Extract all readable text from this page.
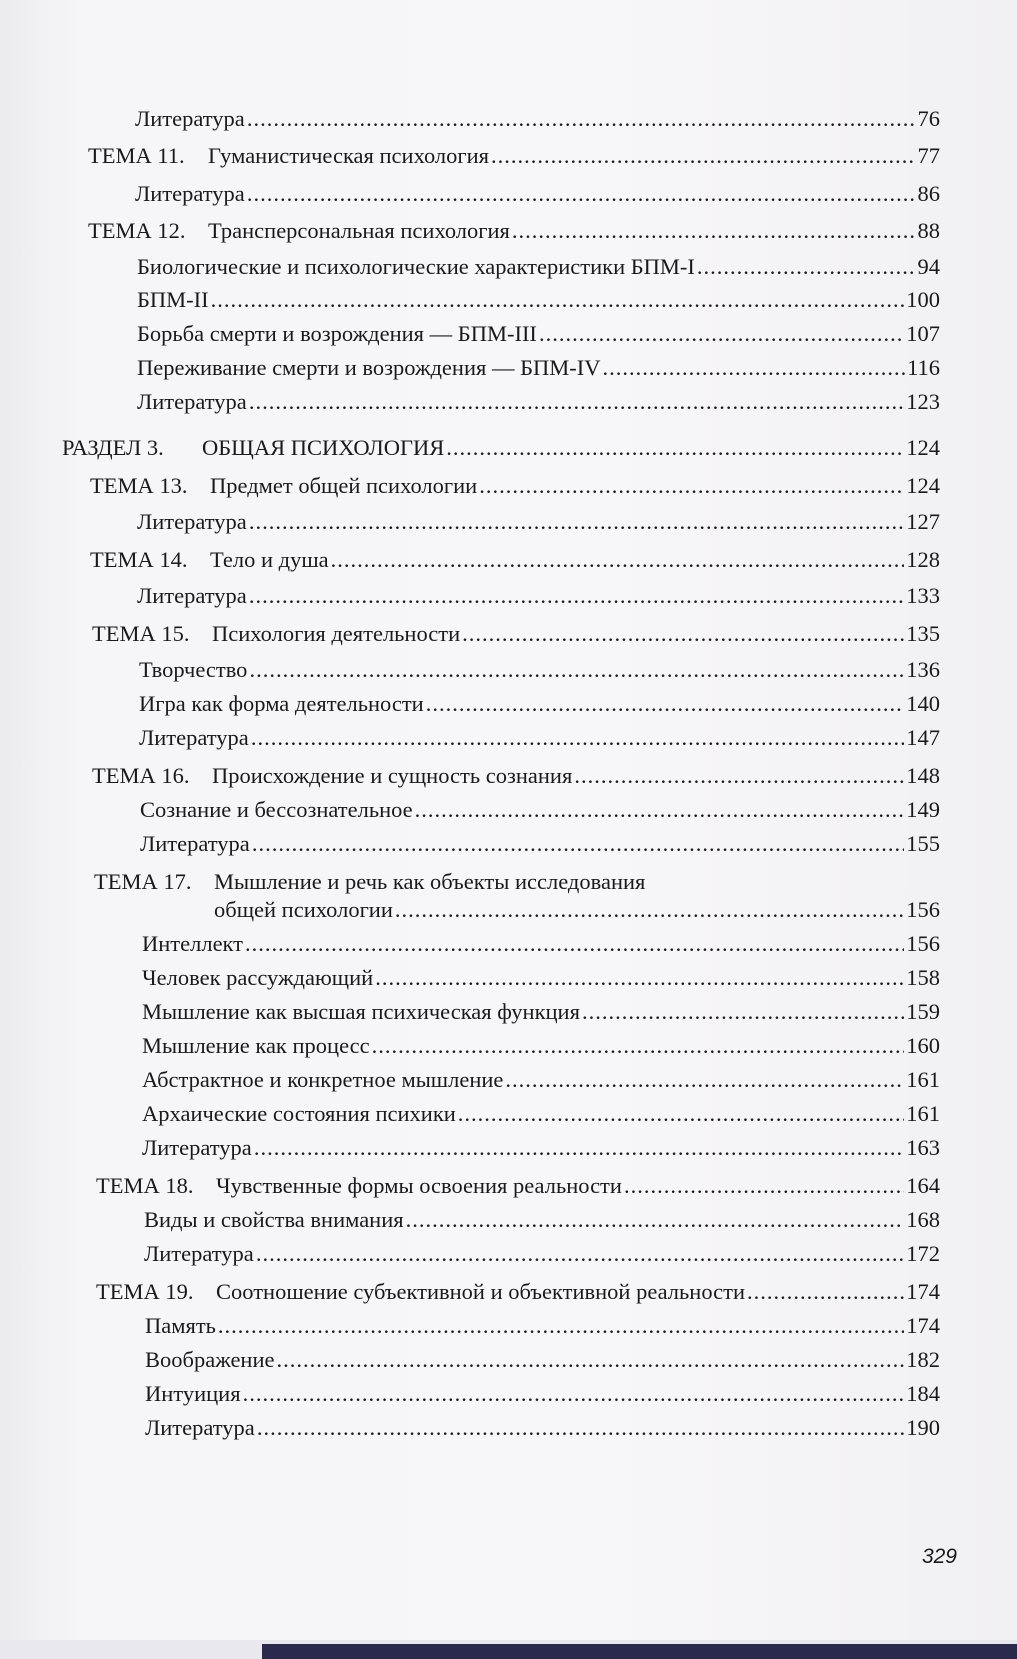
Литература .....	76
ТЕМА 11.	Гуманистическая психология .....	77
Литература .....	86
ТЕМА 12.	Трансперсональная психология .....	88
Биологические и психологические характеристики БПМ-I .....	94
БПМ-II .....	100
Борьба смерти и возрождения — БПМ-III .....	107
Переживание смерти и возрождения — БПМ-IV .....	116
Литература .....	123
РАЗДЕЛ 3.	ОБЩАЯ ПСИХОЛОГИЯ .....	124
ТЕМА 13.	Предмет общей психологии .....	124
Литература .....	127
ТЕМА 14.	Тело и душа .....	128
Литература .....	133
ТЕМА 15.	Психология деятельности .....	135
Творчество .....	136
Игра как форма деятельности .....	140
Литература .....	147
ТЕМА 16.	Происхождение и сущность сознания .....	148
Сознание и бессознательное .....	149
Литература .....	155
ТЕМА 17.	Мышление и речь как объекты исследования
общей психологии .....	156
Интеллект .....	156
Человек рассуждающий .....	158
Мышление как высшая психическая функция .....	159
Мышление как процесс .....	160
Абстрактное и конкретное мышление .....	161
Архаические состояния психики .....	161
Литература .....	163
ТЕМА 18.	Чувственные формы освоения реальности .....	164
Виды и свойства внимания .....	168
Литература .....	172
ТЕМА 19.	Соотношение субъективной и объективной реальности .....	174
Память .....	174
Воображение .....	182
Интуиция .....	184
Литература .....	190
329
